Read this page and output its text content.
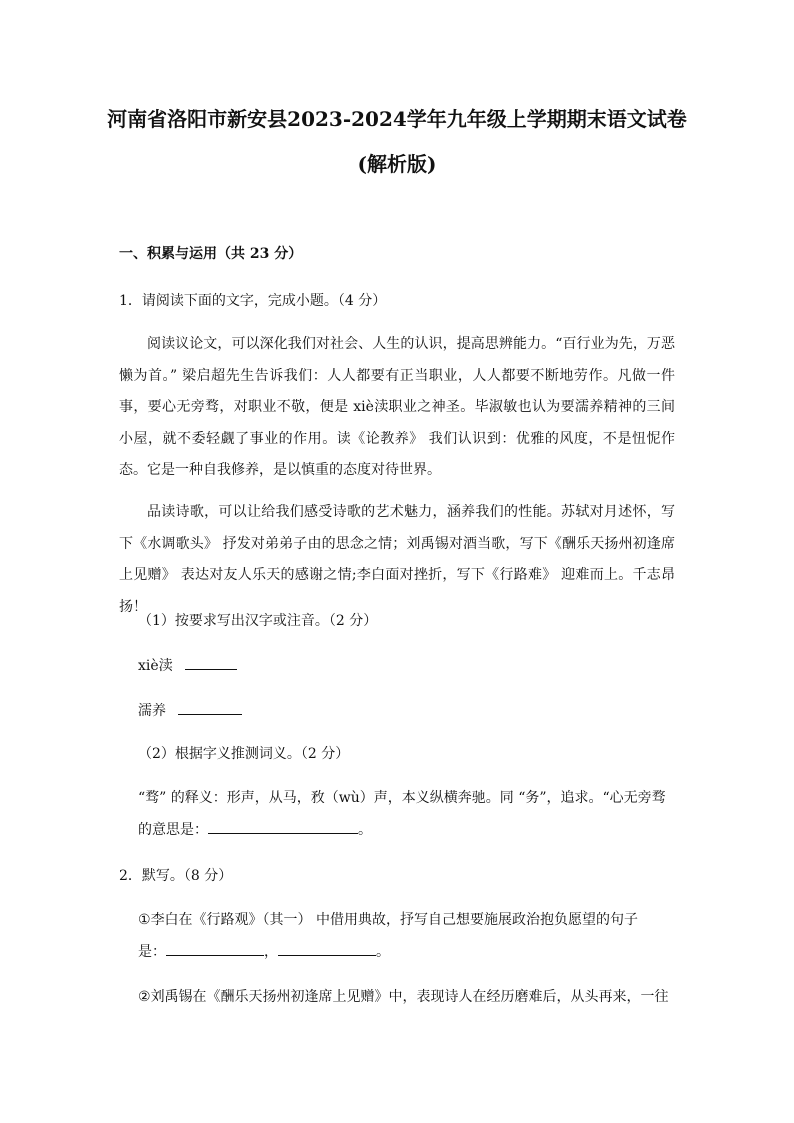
河南省洛阳市新安县2023-2024学年九年级上学期期末语文试卷
(解析版)
一、积累与运用（共 23 分）
1．请阅读下面的文字，完成小题。（4 分）
阅读议论文，可以深化我们对社会、人生的认识，提高思辨能力。“百行业为先，万恶懒为首。” 梁启超先生告诉我们：人人都要有正当职业，人人都要不断地劳作。凡做一件事，要心无旁骛，对职业不敬，便是 xiè渎职业之神圣。毕淑敏也认为要濡养精神的三间小屋，就不委轻觑了事业的作用。读《论教养》 我们认识到：优雅的风度，不是忸怩作态。它是一种自我修养，是以慎重的态度对待世界。
品读诗歌，可以让给我们感受诗歌的艺术魅力，涵养我们的性能。苏轼对月述怀，写下《水调歌头》 抒发对弟弟子由的思念之情；刘禹锡对酒当歌，写下《酬乐天扬州初逢席上见赠》 表达对友人乐天的感谢之情;李白面对挫折，写下《行路难》 迎难而上。千志昂扬！
（1）按要求写出汉字或注音。（2 分）
xiè渎
濡养
（2）根据字义推测词义。（2 分）
“骛” 的释义：形声，从马，敄（wù）声，本义纵横奔驰。同 “务”，追求。“心无旁骛
的意思是：	。
2．默写。（8 分）
①李白在《行路观》（其一） 中借用典故，抒写自己想要施展政治抱负愿望的句子
是：	，	。
②刘禹锡在《酬乐天扬州初逢席上见赠》中，表现诗人在经历磨难后，从头再来，一往
